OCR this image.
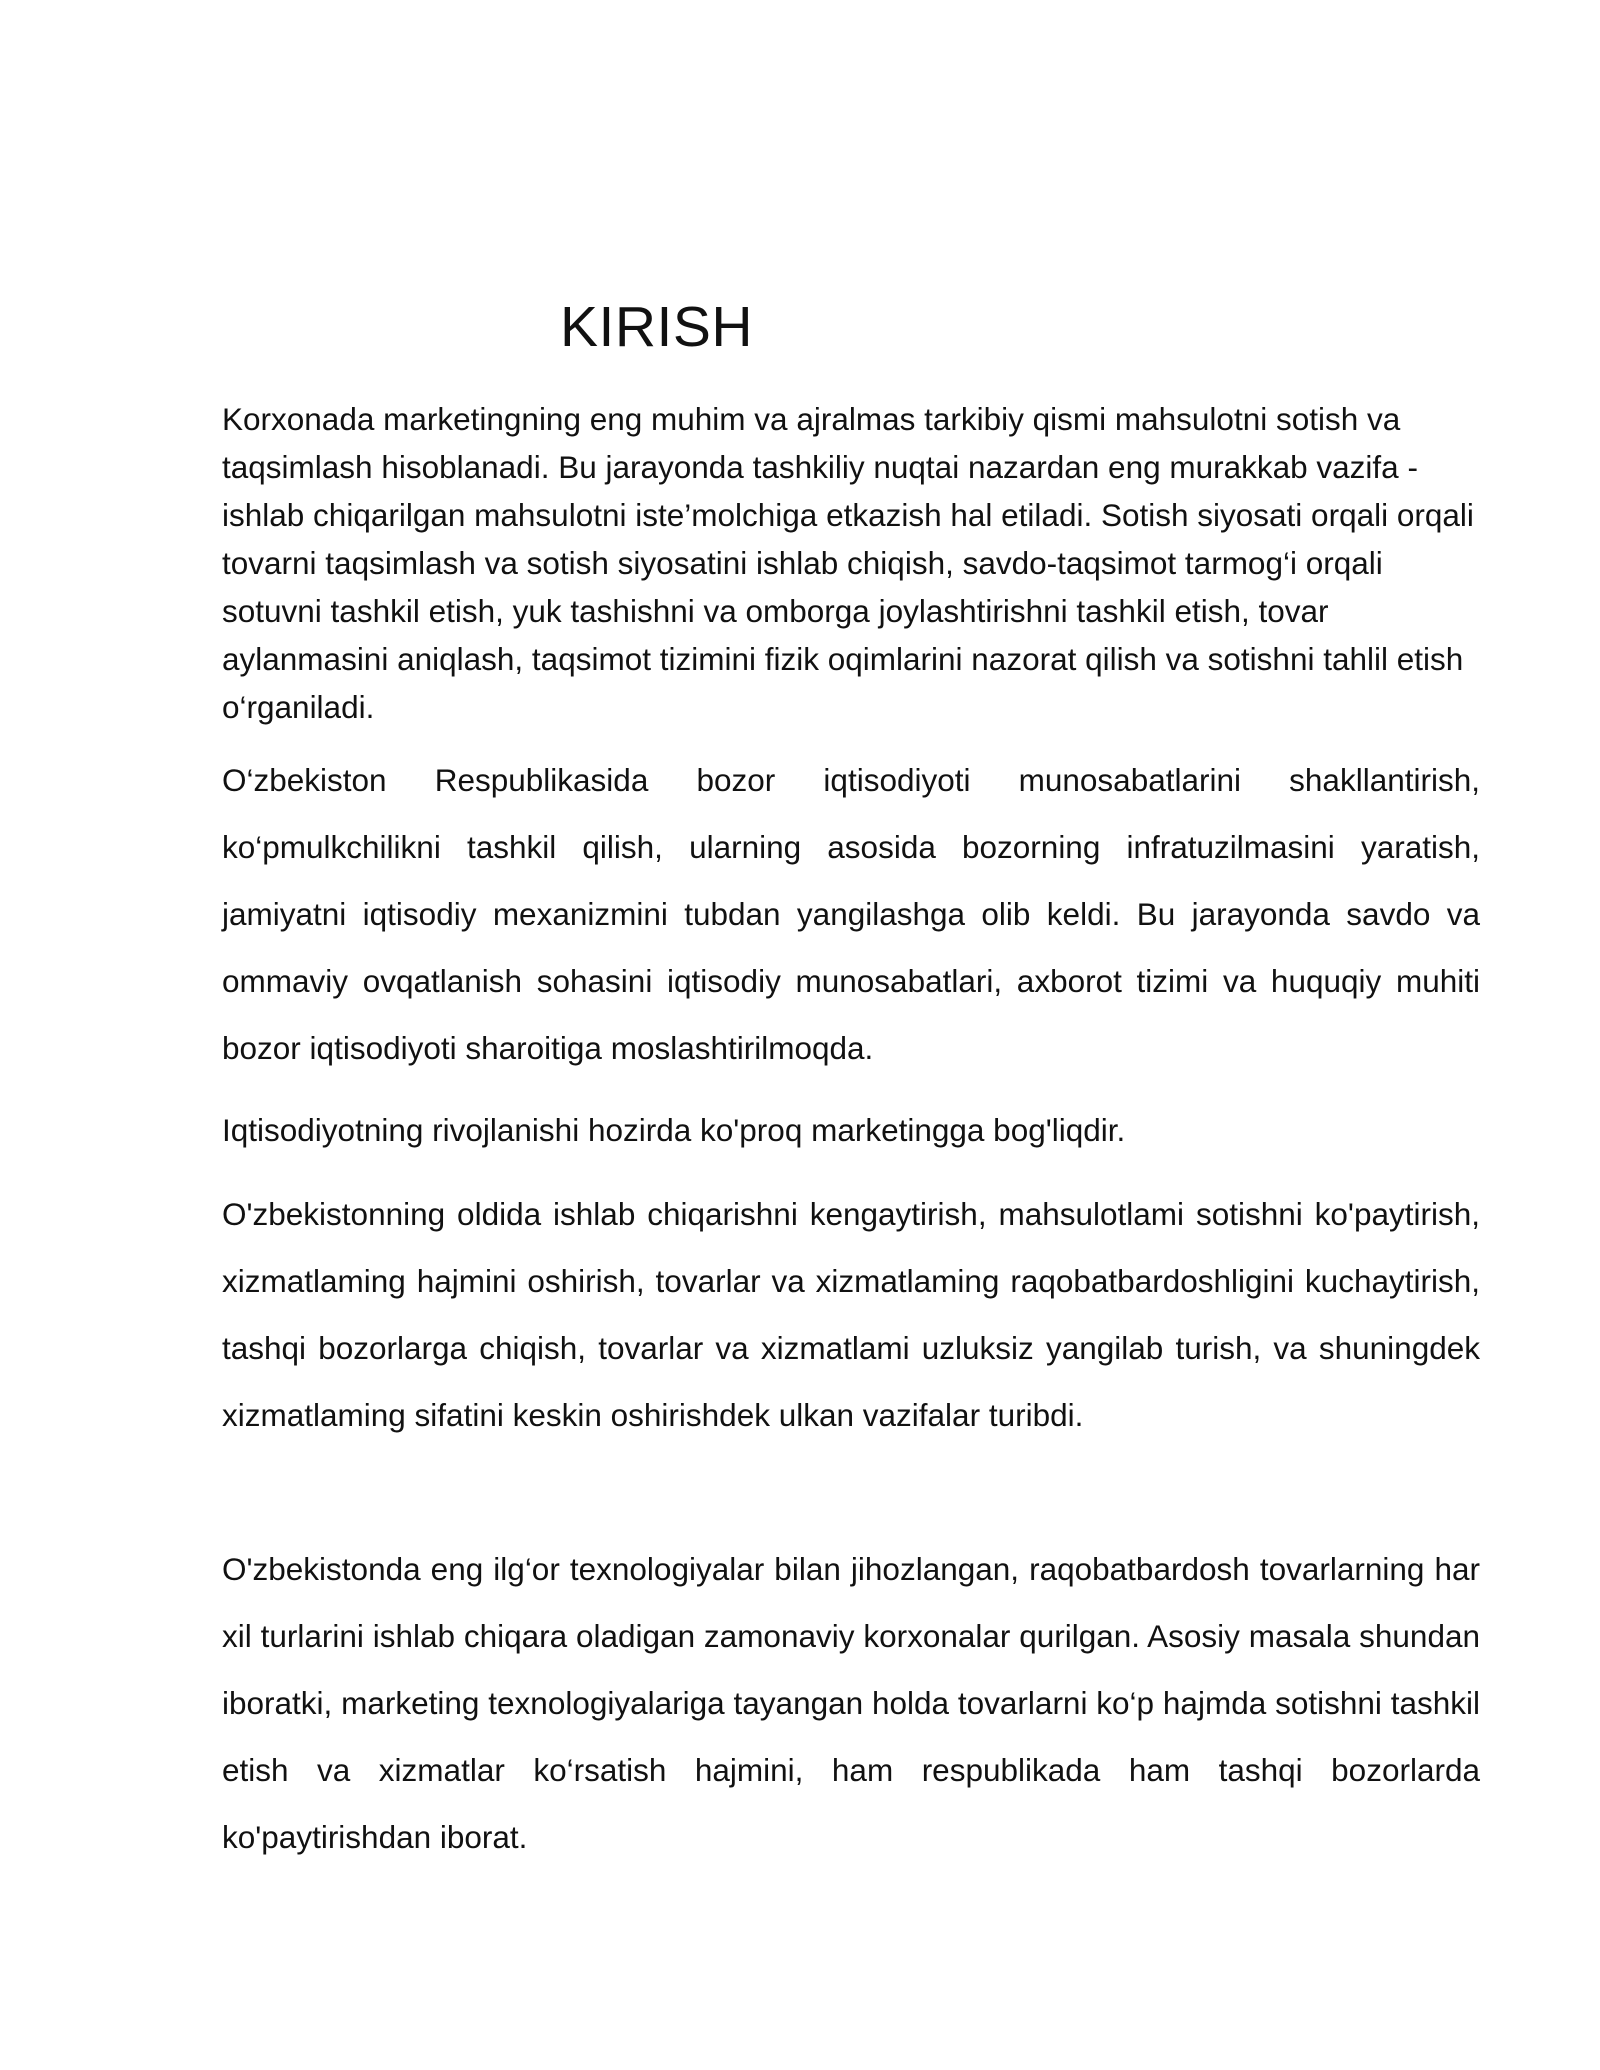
KIRISH

Korxonada marketingning eng muhim va ajralmas tarkibiy qismi mahsulotni sotish va taqsimlash hisoblanadi. Bu jarayonda tashkiliy nuqtai nazardan eng murakkab vazifa - ishlab chiqarilgan mahsulotni iste’molchiga etkazish hal etiladi. Sotish siyosati orqali orqali tovarni taqsimlash va sotish siyosatini ishlab chiqish, savdo-taqsimot tarmog‘i orqali sotuvni tashkil etish, yuk tashishni va omborga joylashtirishni tashkil etish, tovar aylanmasini aniqlash, taqsimot tizimini fizik oqimlarini nazorat qilish va sotishni tahlil etish o‘rganiladi.

O‘zbekiston Respublikasida bozor iqtisodiyoti munosabatlarini shakllantirish, ko‘pmulkchilikni tashkil qilish, ularning asosida bozorning infratuzilmasini yaratish, jamiyatni iqtisodiy mexanizmini tubdan yangilashga olib keldi. Bu jarayonda savdo va ommaviy ovqatlanish sohasini iqtisodiy munosabatlari, axborot tizimi va huquqiy muhiti bozor iqtisodiyoti sharoitiga moslashtirilmoqda.

Iqtisodiyotning rivojlanishi hozirda ko'proq marketingga bog'liqdir.

O'zbekistonning oldida ishlab chiqarishni kengaytirish, mahsulotlami sotishni ko'paytirish, xizmatlaming hajmini oshirish, tovarlar va xizmatlaming raqobatbardoshligini kuchaytirish, tashqi bozorlarga chiqish, tovarlar va xizmatlami uzluksiz yangilab turish, va shuningdek xizmatlaming sifatini keskin oshirishdek ulkan vazifalar turibdi.

O'zbekistonda eng ilg‘or texnologiyalar bilan jihozlangan, raqobatbardosh tovarlarning har xil turlarini ishlab chiqara oladigan zamonaviy korxonalar qurilgan. Asosiy masala shundan iboratki, marketing texnologiyalariga tayangan holda tovarlarni ko‘p hajmda sotishni tashkil etish va xizmatlar ko‘rsatish hajmini, ham respublikada ham tashqi bozorlarda ko'paytirishdan iborat.
